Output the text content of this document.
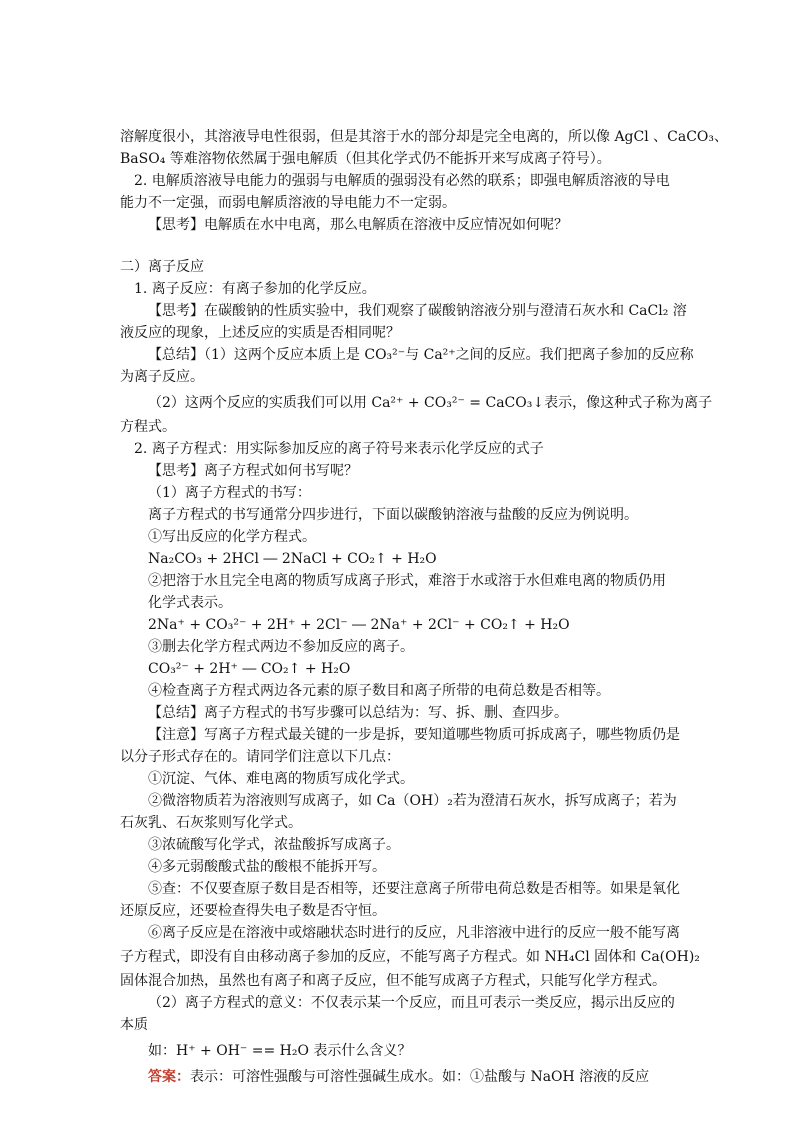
溶解度很小，其溶液导电性很弱，但是其溶于水的部分却是完全电离的，所以像 AgCl 、CaCO₃、
BaSO₄ 等难溶物依然属于强电解质（但其化学式仍不能拆开来写成离子符号）。
2. 电解质溶液导电能力的强弱与电解质的强弱没有必然的联系；即强电解质溶液的导电
能力不一定强，而弱电解质溶液的导电能力不一定弱。
【思考】电解质在水中电离，那么电解质在溶液中反应情况如何呢？
二）离子反应
1. 离子反应：有离子参加的化学反应。
【思考】在碳酸钠的性质实验中，我们观察了碳酸钠溶液分别与澄清石灰水和 CaCl₂ 溶
液反应的现象，上述反应的实质是否相同呢？
【总结】（1）这两个反应本质上是 CO₃²⁻与 Ca²⁺之间的反应。我们把离子参加的反应称
为离子反应。
（2）这两个反应的实质我们可以用 Ca²⁺ + CO₃²⁻ = CaCO₃↓表示，像这种式子称为离子
方程式。
2. 离子方程式：用实际参加反应的离子符号来表示化学反应的式子
【思考】离子方程式如何书写呢？
（1）离子方程式的书写：
离子方程式的书写通常分四步进行，下面以碳酸钠溶液与盐酸的反应为例说明。
①写出反应的化学方程式。
Na₂CO₃ + 2HCl ― 2NaCl + CO₂↑ + H₂O
②把溶于水且完全电离的物质写成离子形式，难溶于水或溶于水但难电离的物质仍用
化学式表示。
2Na⁺ + CO₃²⁻ + 2H⁺ + 2Cl⁻ ― 2Na⁺ + 2Cl⁻ + CO₂↑ + H₂O
③删去化学方程式两边不参加反应的离子。
CO₃²⁻ + 2H⁺ ― CO₂↑ + H₂O
④检查离子方程式两边各元素的原子数目和离子所带的电荷总数是否相等。
【总结】离子方程式的书写步骤可以总结为：写、拆、删、查四步。
【注意】写离子方程式最关键的一步是拆，要知道哪些物质可拆成离子，哪些物质仍是
以分子形式存在的。请同学们注意以下几点：
①沉淀、气体、难电离的物质写成化学式。
②微溶物质若为溶液则写成离子，如 Ca（OH）₂若为澄清石灰水，拆写成离子；若为
石灰乳、石灰浆则写化学式。
③浓硫酸写化学式，浓盐酸拆写成离子。
④多元弱酸酸式盐的酸根不能拆开写。
⑤查：不仅要查原子数目是否相等，还要注意离子所带电荷总数是否相等。如果是氧化
还原反应，还要检查得失电子数是否守恒。
⑥离子反应是在溶液中或熔融状态时进行的反应，凡非溶液中进行的反应一般不能写离
子方程式，即没有自由移动离子参加的反应，不能写离子方程式。如 NH₄Cl 固体和 Ca(OH)₂
固体混合加热，虽然也有离子和离子反应，但不能写成离子方程式，只能写化学方程式。
（2）离子方程式的意义：不仅表示某一个反应，而且可表示一类反应，揭示出反应的
本质
如：H⁺ + OH⁻ == H₂O 表示什么含义？
答案：表示：可溶性强酸与可溶性强碱生成水。如：①盐酸与 NaOH 溶液的反应
